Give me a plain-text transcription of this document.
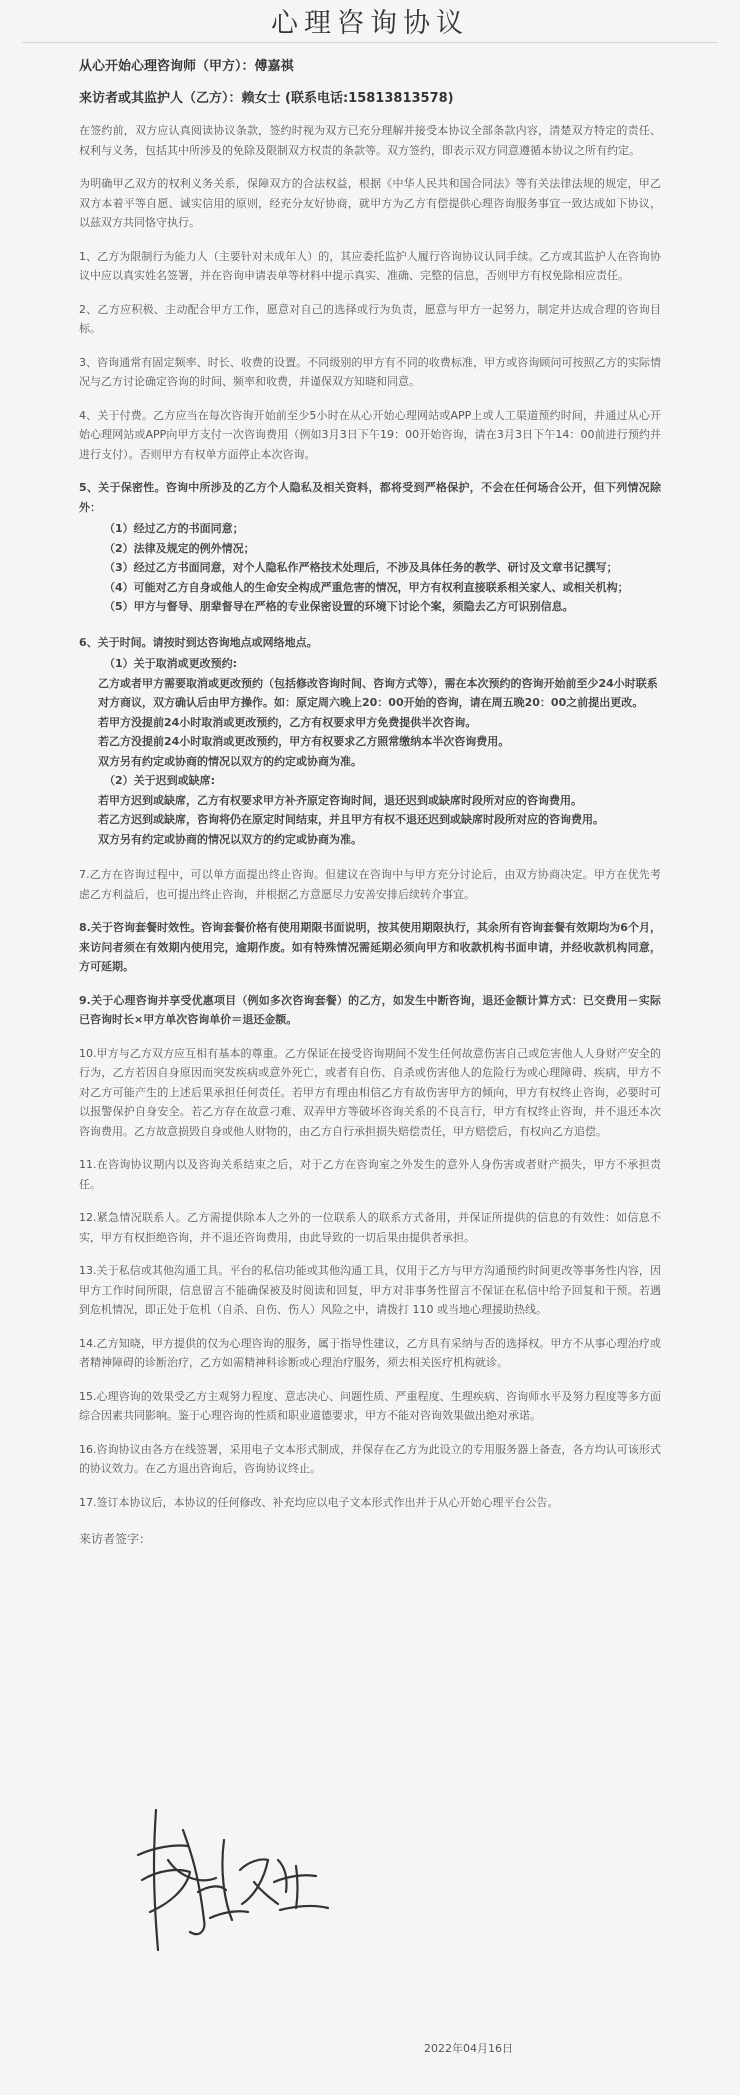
心理咨询协议
从心开始心理咨询师（甲方）：傅嘉祺
来访者或其监护人（乙方）：赖女士 (联系电话:15813813578)

在签约前，双方应认真阅读协议条款，签约时视为双方已充分理解并接受本协议全部条款内容，清楚双方特定的责任、权利与义务，包括其中所涉及的免除及限制双方权责的条款等。双方签约，即表示双方同意遵循本协议之所有约定。

为明确甲乙双方的权利义务关系，保障双方的合法权益，根据《中华人民共和国合同法》等有关法律法规的规定，甲乙双方本着平等自愿、诚实信用的原则，经充分友好协商，就甲方为乙方有偿提供心理咨询服务事宜一致达成如下协议，以兹双方共同恪守执行。

1、乙方为限制行为能力人（主要针对未成年人）的，其应委托监护人履行咨询协议认同手续。乙方或其监护人在咨询协议中应以真实姓名签署，并在咨询申请表单等材料中提示真实、准确、完整的信息，否则甲方有权免除相应责任。

2、乙方应积极、主动配合甲方工作，愿意对自己的选择或行为负责，愿意与甲方一起努力，制定并达成合理的咨询目标。

3、咨询通常有固定频率、时长、收费的设置。不同级别的甲方有不同的收费标准，甲方或咨询顾问可按照乙方的实际情况与乙方讨论确定咨询的时间、频率和收费，并谨保双方知晓和同意。

4、关于付费。乙方应当在每次咨询开始前至少5小时在从心开始心理网站或APP上或人工渠道预约时间，并通过从心开始心理网站或APP向甲方支付一次咨询费用（例如3月3日下午19：00开始咨询，请在3月3日下午14：00前进行预约并进行支付）。否则甲方有权单方面停止本次咨询。

5、关于保密性。咨询中所涉及的乙方个人隐私及相关资料，都将受到严格保护，不会在任何场合公开，但下列情况除外：

（1）经过乙方的书面同意；

（2）法律及规定的例外情况；

（3）经过乙方书面同意，对个人隐私作严格技术处理后，不涉及具体任务的教学、研讨及文章书记撰写；

（4）可能对乙方自身或他人的生命安全构成严重危害的情况，甲方有权利直接联系相关家人、或相关机构；

（5）甲方与督导、朋辈督导在严格的专业保密设置的环境下讨论个案，须隐去乙方可识别信息。

6、关于时间。请按时到达咨询地点或网络地点。

（1）关于取消或更改预约:

乙方或者甲方需要取消或更改预约（包括修改咨询时间、咨询方式等），需在本次预约的咨询开始前至少24小时联系对方商议，双方确认后由甲方操作。如：原定周六晚上20：00开始的咨询，请在周五晚20：00之前提出更改。

若甲方没提前24小时取消或更改预约，乙方有权要求甲方免费提供半次咨询。

若乙方没提前24小时取消或更改预约，甲方有权要求乙方照常缴纳本半次咨询费用。

双方另有约定或协商的情况以双方的约定或协商为准。

（2）关于迟到或缺席:

若甲方迟到或缺席，乙方有权要求甲方补齐原定咨询时间，退还迟到或缺席时段所对应的咨询费用。

若乙方迟到或缺席，咨询将仍在原定时间结束，并且甲方有权不退还迟到或缺席时段所对应的咨询费用。

双方另有约定或协商的情况以双方的约定或协商为准。

7.乙方在咨询过程中，可以单方面提出终止咨询。但建议在咨询中与甲方充分讨论后，由双方协商决定。甲方在优先考虑乙方利益后，也可提出终止咨询，并根据乙方意愿尽力安善安排后续转介事宜。

8.关于咨询套餐时效性。咨询套餐价格有使用期限书面说明，按其使用期限执行，其余所有咨询套餐有效期均为6个月，来访问者须在有效期内使用完，逾期作废。如有特殊情况需延期必须向甲方和收款机构书面申请，并经收款机构同意，方可延期。

9.关于心理咨询并享受优惠项目（例如多次咨询套餐）的乙方，如发生中断咨询，退还金额计算方式：已交费用－实际已咨询时长×甲方单次咨询单价＝退还金额。

10.甲方与乙方双方应互相有基本的尊重。乙方保证在接受咨询期间不发生任何故意伤害自己或危害他人人身财产安全的行为，乙方若因自身原因而突发疾病或意外死亡，或者有自伤、自杀或伤害他人的危险行为或心理障碍、疾病，甲方不对乙方可能产生的上述后果承担任何责任。若甲方有理由相信乙方有故伤害甲方的倾向，甲方有权终止咨询，必要时可以报警保护自身安全。若乙方存在故意刁难、双弄甲方等破坏咨询关系的不良言行，甲方有权终止咨询，并不退还本次咨询费用。乙方故意损毁自身或他人财物的，由乙方自行承担损失赔偿责任，甲方赔偿后，有权向乙方追偿。

11.在咨询协议期内以及咨询关系结束之后，对于乙方在咨询室之外发生的意外人身伤害或者财产损失，甲方不承担责任。

12.紧急情况联系人。乙方需提供除本人之外的一位联系人的联系方式备用，并保证所提供的信息的有效性：如信息不实，甲方有权拒绝咨询，并不退还咨询费用，由此导致的一切后果由提供者承担。

13.关于私信或其他沟通工具。平台的私信功能或其他沟通工具，仅用于乙方与甲方沟通预约时间更改等事务性内容，因甲方工作时间所限，信息留言不能确保被及时阅读和回复，甲方对非事务性留言不保证在私信中给予回复和干预。若遇到危机情况，即正处于危机（自杀、自伤、伤人）风险之中，请拨打 110 或当地心理援助热线。

14.乙方知晓，甲方提供的仅为心理咨询的服务，属于指导性建议，乙方具有采纳与否的选择权。甲方不从事心理治疗或者精神障碍的诊断治疗，乙方如需精神科诊断或心理治疗服务，须去相关医疗机构就诊。

15.心理咨询的效果受乙方主观努力程度、意志决心、问题性质、严重程度、生理疾病、咨询师水平及努力程度等多方面综合因素共同影响。鉴于心理咨询的性质和职业道德要求，甲方不能对咨询效果做出绝对承诺。

16.咨询协议由各方在线签署，采用电子文本形式制成，并保存在乙方为此设立的专用服务器上备查，各方均认可该形式的协议效力。在乙方退出咨询后，咨询协议终止。

17.签订本协议后，本协议的任何修改、补充均应以电子文本形式作出并于从心开始心理平台公告。

来访者签字：
2022年04月16日
